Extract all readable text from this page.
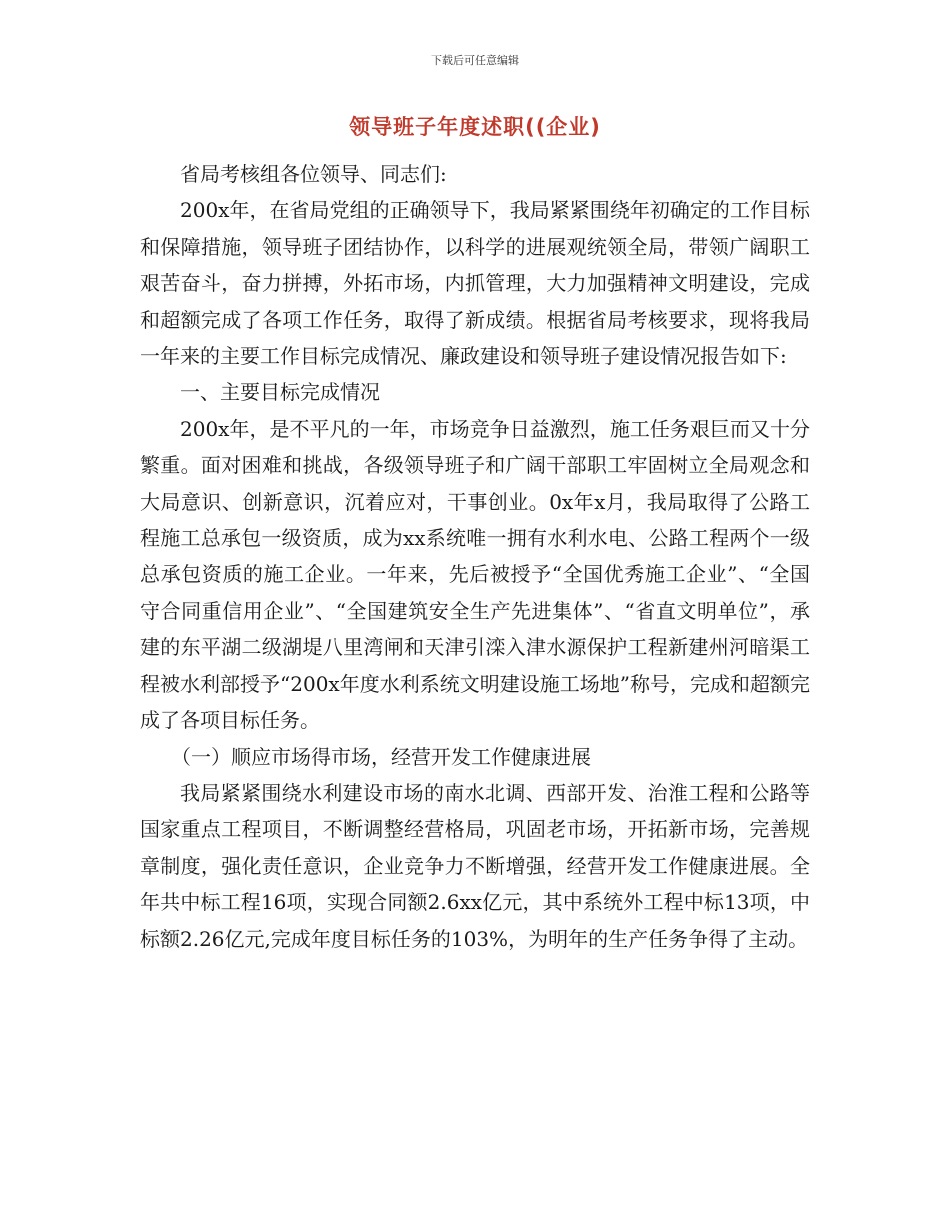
下载后可任意编辑
领导班子年度述职((企业)

省局考核组各位领导、同志们:

200x年，在省局党组的正确领导下，我局紧紧围绕年初确定的工作目标和保障措施，领导班子团结协作，以科学的进展观统领全局，带领广阔职工艰苦奋斗，奋力拼搏，外拓市场，内抓管理，大力加强精神文明建设，完成和超额完成了各项工作任务，取得了新成绩。根据省局考核要求，现将我局一年来的主要工作目标完成情况、廉政建设和领导班子建设情况报告如下:

一、主要目标完成情况

200x年，是不平凡的一年，市场竞争日益激烈，施工任务艰巨而又十分繁重。面对困难和挑战，各级领导班子和广阔干部职工牢固树立全局观念和大局意识、创新意识，沉着应对，干事创业。0x年x月，我局取得了公路工程施工总承包一级资质，成为xx系统唯一拥有水利水电、公路工程两个一级总承包资质的施工企业。一年来，先后被授予“全国优秀施工企业”、“全国守合同重信用企业”、“全国建筑安全生产先进集体”、“省直文明单位”，承建的东平湖二级湖堤八里湾闸和天津引滦入津水源保护工程新建州河暗渠工程被水利部授予“200x年度水利系统文明建设施工场地”称号，完成和超额完成了各项目标任务。

（一）顺应市场得市场，经营开发工作健康进展

我局紧紧围绕水利建设市场的南水北调、西部开发、治淮工程和公路等国家重点工程项目，不断调整经营格局，巩固老市场，开拓新市场，完善规章制度，强化责任意识，企业竞争力不断增强，经营开发工作健康进展。全年共中标工程16项，实现合同额2.6xx亿元，其中系统外工程中标13项，中标额2.26亿元,完成年度目标任务的103%，为明年的生产任务争得了主动。
